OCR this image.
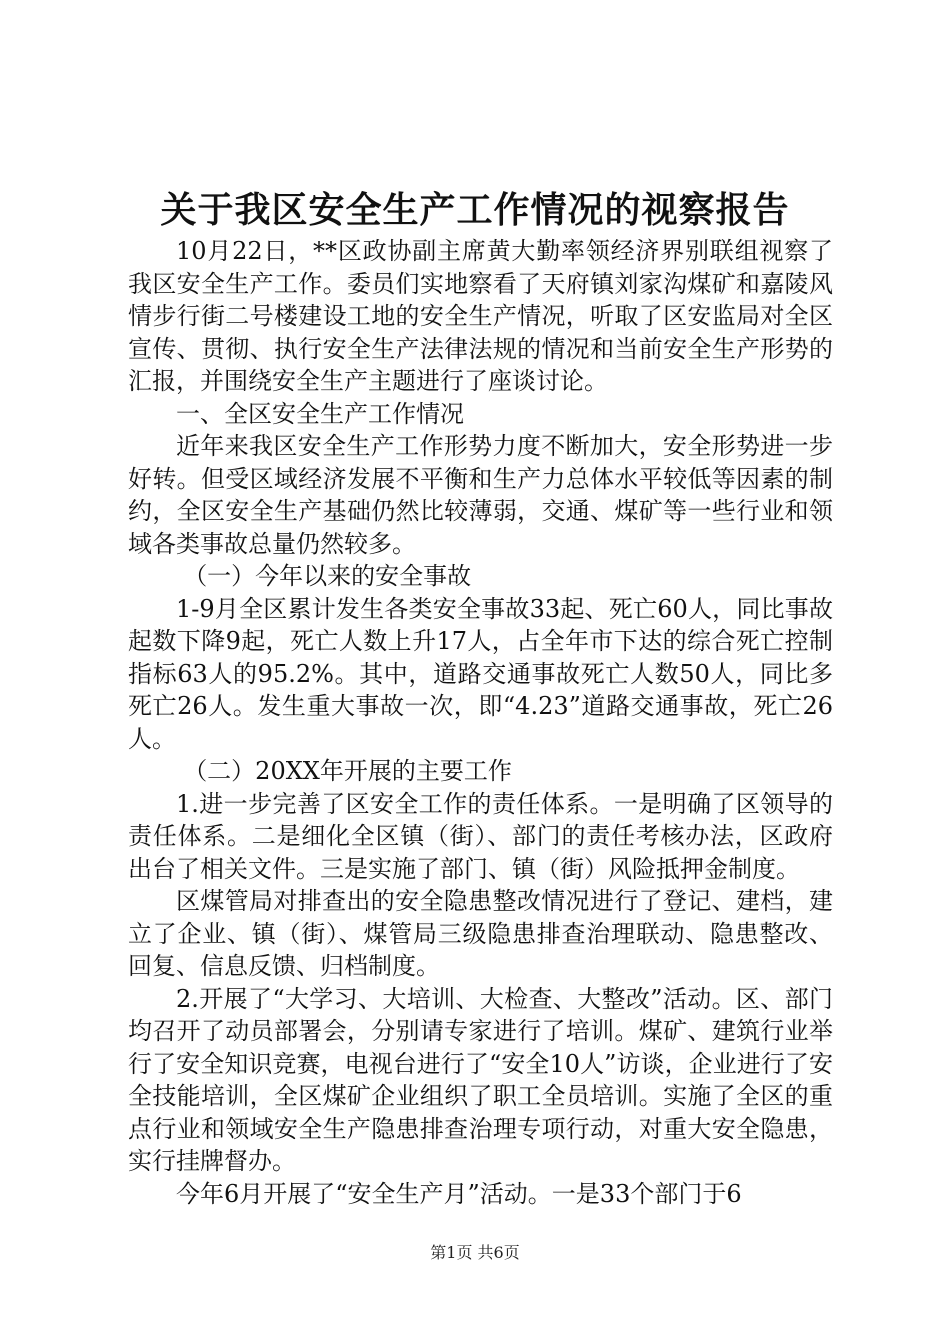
关于我区安全生产工作情况的视察报告

10月22日，**区政协副主席黄大勤率领经济界别联组视察了我区安全生产工作。委员们实地察看了天府镇刘家沟煤矿和嘉陵风情步行街二号楼建设工地的安全生产情况，听取了区安监局对全区宣传、贯彻、执行安全生产法律法规的情况和当前安全生产形势的汇报，并围绕安全生产主题进行了座谈讨论。

一、全区安全生产工作情况

近年来我区安全生产工作形势力度不断加大，安全形势进一步好转。但受区域经济发展不平衡和生产力总体水平较低等因素的制约，全区安全生产基础仍然比较薄弱，交通、煤矿等一些行业和领域各类事故总量仍然较多。

（一）今年以来的安全事故

1-9月全区累计发生各类安全事故33起、死亡60人，同比事故起数下降9起，死亡人数上升17人，占全年市下达的综合死亡控制指标63人的95.2%。其中，道路交通事故死亡人数50人，同比多死亡26人。发生重大事故一次，即“4.23”道路交通事故，死亡26人。

（二）20XX年开展的主要工作

1.进一步完善了区安全工作的责任体系。一是明确了区领导的责任体系。二是细化全区镇（街）、部门的责任考核办法，区政府出台了相关文件。三是实施了部门、镇（街）风险抵押金制度。

区煤管局对排查出的安全隐患整改情况进行了登记、建档，建立了企业、镇（街）、煤管局三级隐患排查治理联动、隐患整改、回复、信息反馈、归档制度。

2.开展了“大学习、大培训、大检查、大整改”活动。区、部门均召开了动员部署会，分别请专家进行了培训。煤矿、建筑行业举行了安全知识竞赛，电视台进行了“安全10人”访谈，企业进行了安全技能培训，全区煤矿企业组织了职工全员培训。实施了全区的重点行业和领域安全生产隐患排查治理专项行动，对重大安全隐患，实行挂牌督办。

今年6月开展了“安全生产月”活动。一是33个部门于6

第1页 共6页
